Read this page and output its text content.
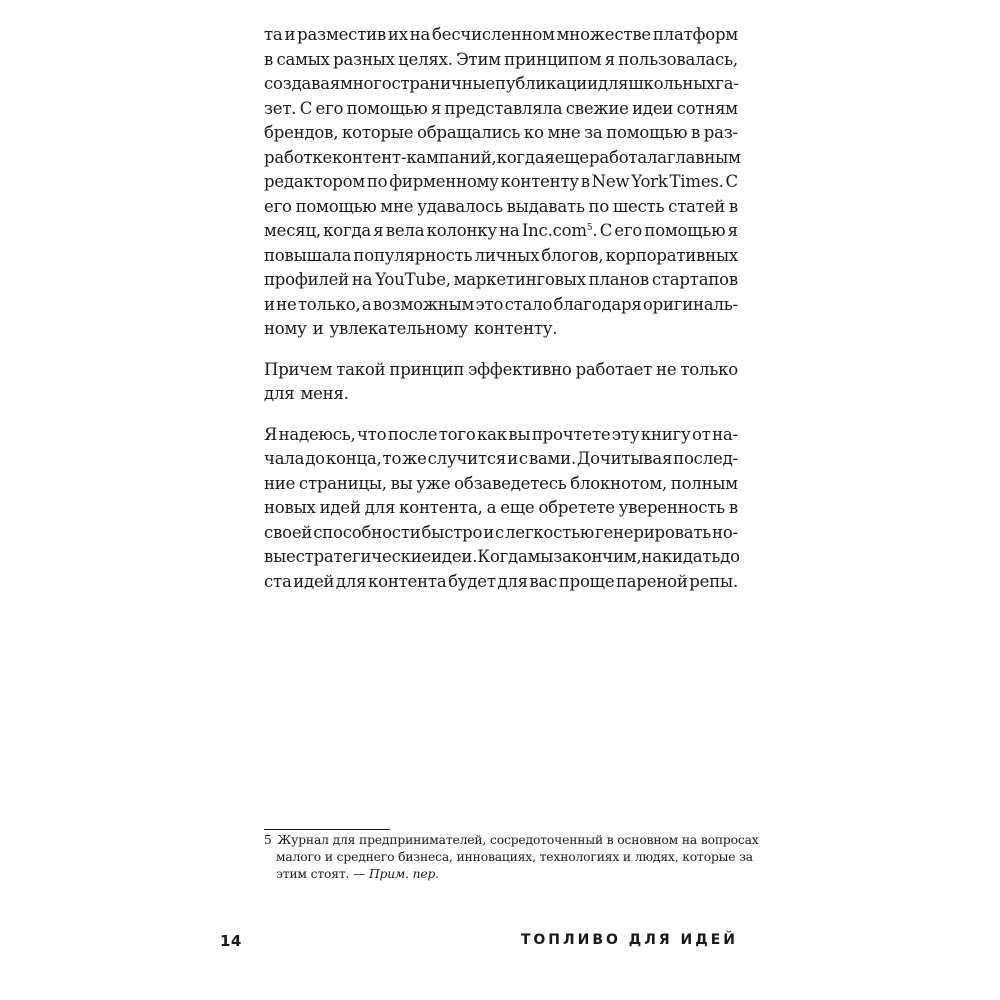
та и разместив их на бесчисленном множестве платформ
в самых разных целях. Этим принципом я пользовалась,
создавая многостраничные публикации для школьных га-
зет. С его помощью я представляла свежие идеи сотням
брендов, которые обращались ко мне за помощью в раз-
работке контент-кампаний, когда я еще работала главным
редактором по фирменному контенту в New York Times. С
его помощью мне удавалось выдавать по шесть статей в
месяц, когда я вела колонку на Inc.com$^5$. С его помощью я
повышала популярность личных блогов, корпоративных
профилей на YouTube, маркетинговых планов стартапов
и не только, а возможным это стало благодаря оригиналь-
ному и увлекательному контенту.
Причем такой принцип эффективно работает не только
для меня.
Я надеюсь, что после того как вы прочтете эту книгу от на-
чала до конца, то же случится и с вами. Дочитывая послед-
ние страницы, вы уже обзаведетесь блокнотом, полным
новых идей для контента, а еще обретете уверенность в
своей способности быстро и с легкостью генерировать но-
вые стратегические идеи. Когда мы закончим, накидать до
ста идей для контента будет для вас проще пареной репы.
5 Журнал для предпринимателей, сосредоточенный в основном на вопросах
малого и среднего бизнеса, инновациях, технологиях и людях, которые за
этим стоят. — Прим. пер.
14	ТОПЛИВО ДЛЯ ИДЕЙ
